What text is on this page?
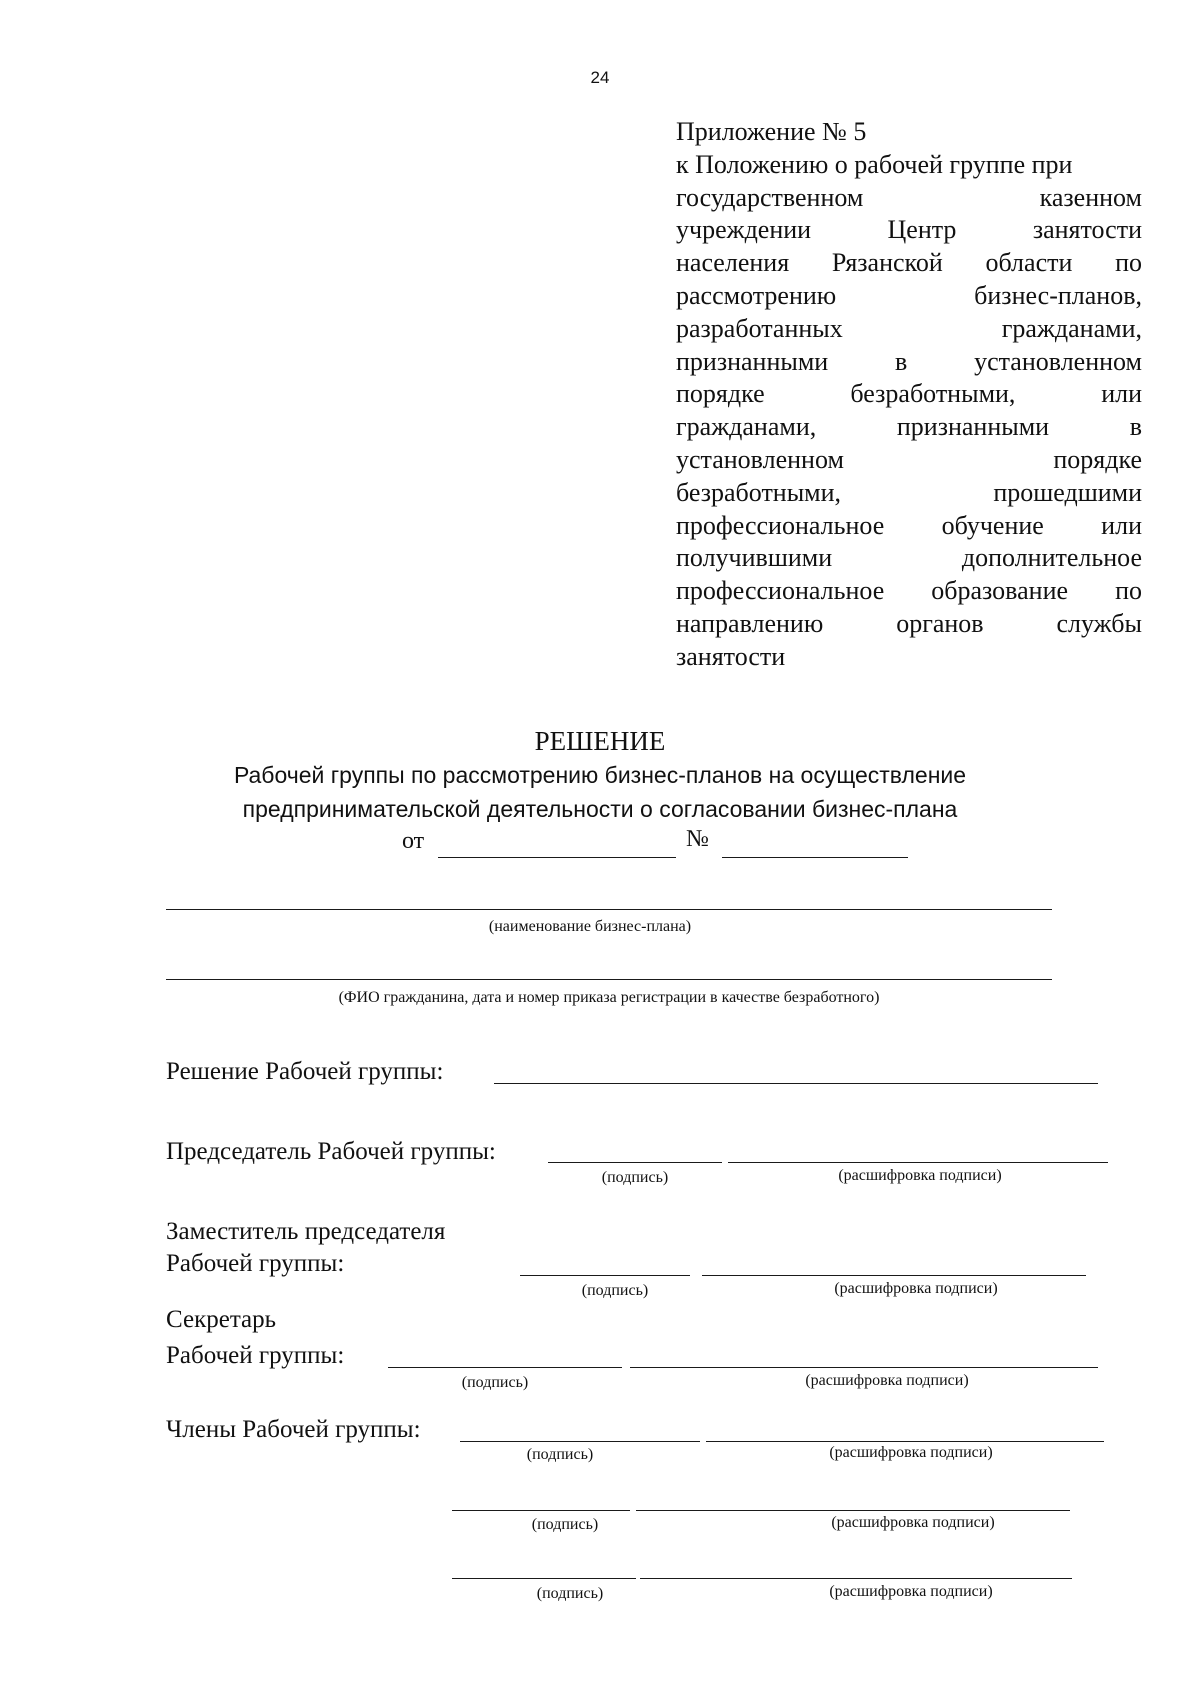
24
Приложение № 5
к Положению о рабочей группе при
государственном казенном
учреждении Центр занятости
населения Рязанской области по
рассмотрению бизнес-планов,
разработанных гражданами,
признанными в установленном
порядке безработными, или
гражданами, признанными в
установленном порядке
безработными, прошедшими
профессиональное обучение или
получившими дополнительное
профессиональное образование по
направлению органов службы
занятости
РЕШЕНИЕ
Рабочей группы по рассмотрению бизнес-планов на осуществление
предпринимательской деятельности о согласовании бизнес-плана
от	№
(наименование бизнес-плана)
(ФИО гражданина, дата и номер приказа регистрации в качестве безработного)
Решение Рабочей группы:
Председатель Рабочей группы:
(подпись)	(расшифровка подписи)
Заместитель председателя
Рабочей группы:
(подпись)	(расшифровка подписи)
Секретарь
Рабочей группы:
(подпись)	(расшифровка подписи)
Члены Рабочей группы:
(подпись)	(расшифровка подписи)
(подпись)	(расшифровка подписи)
(подпись)	(расшифровка подписи)
